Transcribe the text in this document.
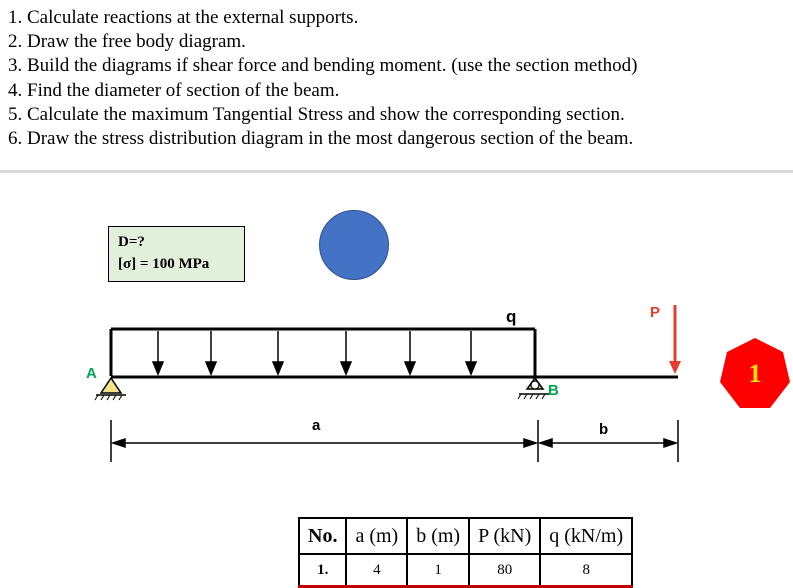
1. Calculate reactions at the external supports.
2. Draw the free body diagram.
3. Build the diagrams if shear force and bending moment. (use the section method)
4. Find the diameter of section of the beam.
5. Calculate the maximum Tangential Stress and show the corresponding section.
6. Draw the stress distribution diagram in the most dangerous section of the beam.
D=?
[σ] = 100 MPa
q
A
B
P
a	b
1
No.	a (m)	b (m)	P (kN)	q (kN/m)
1.	4	1	80	8
